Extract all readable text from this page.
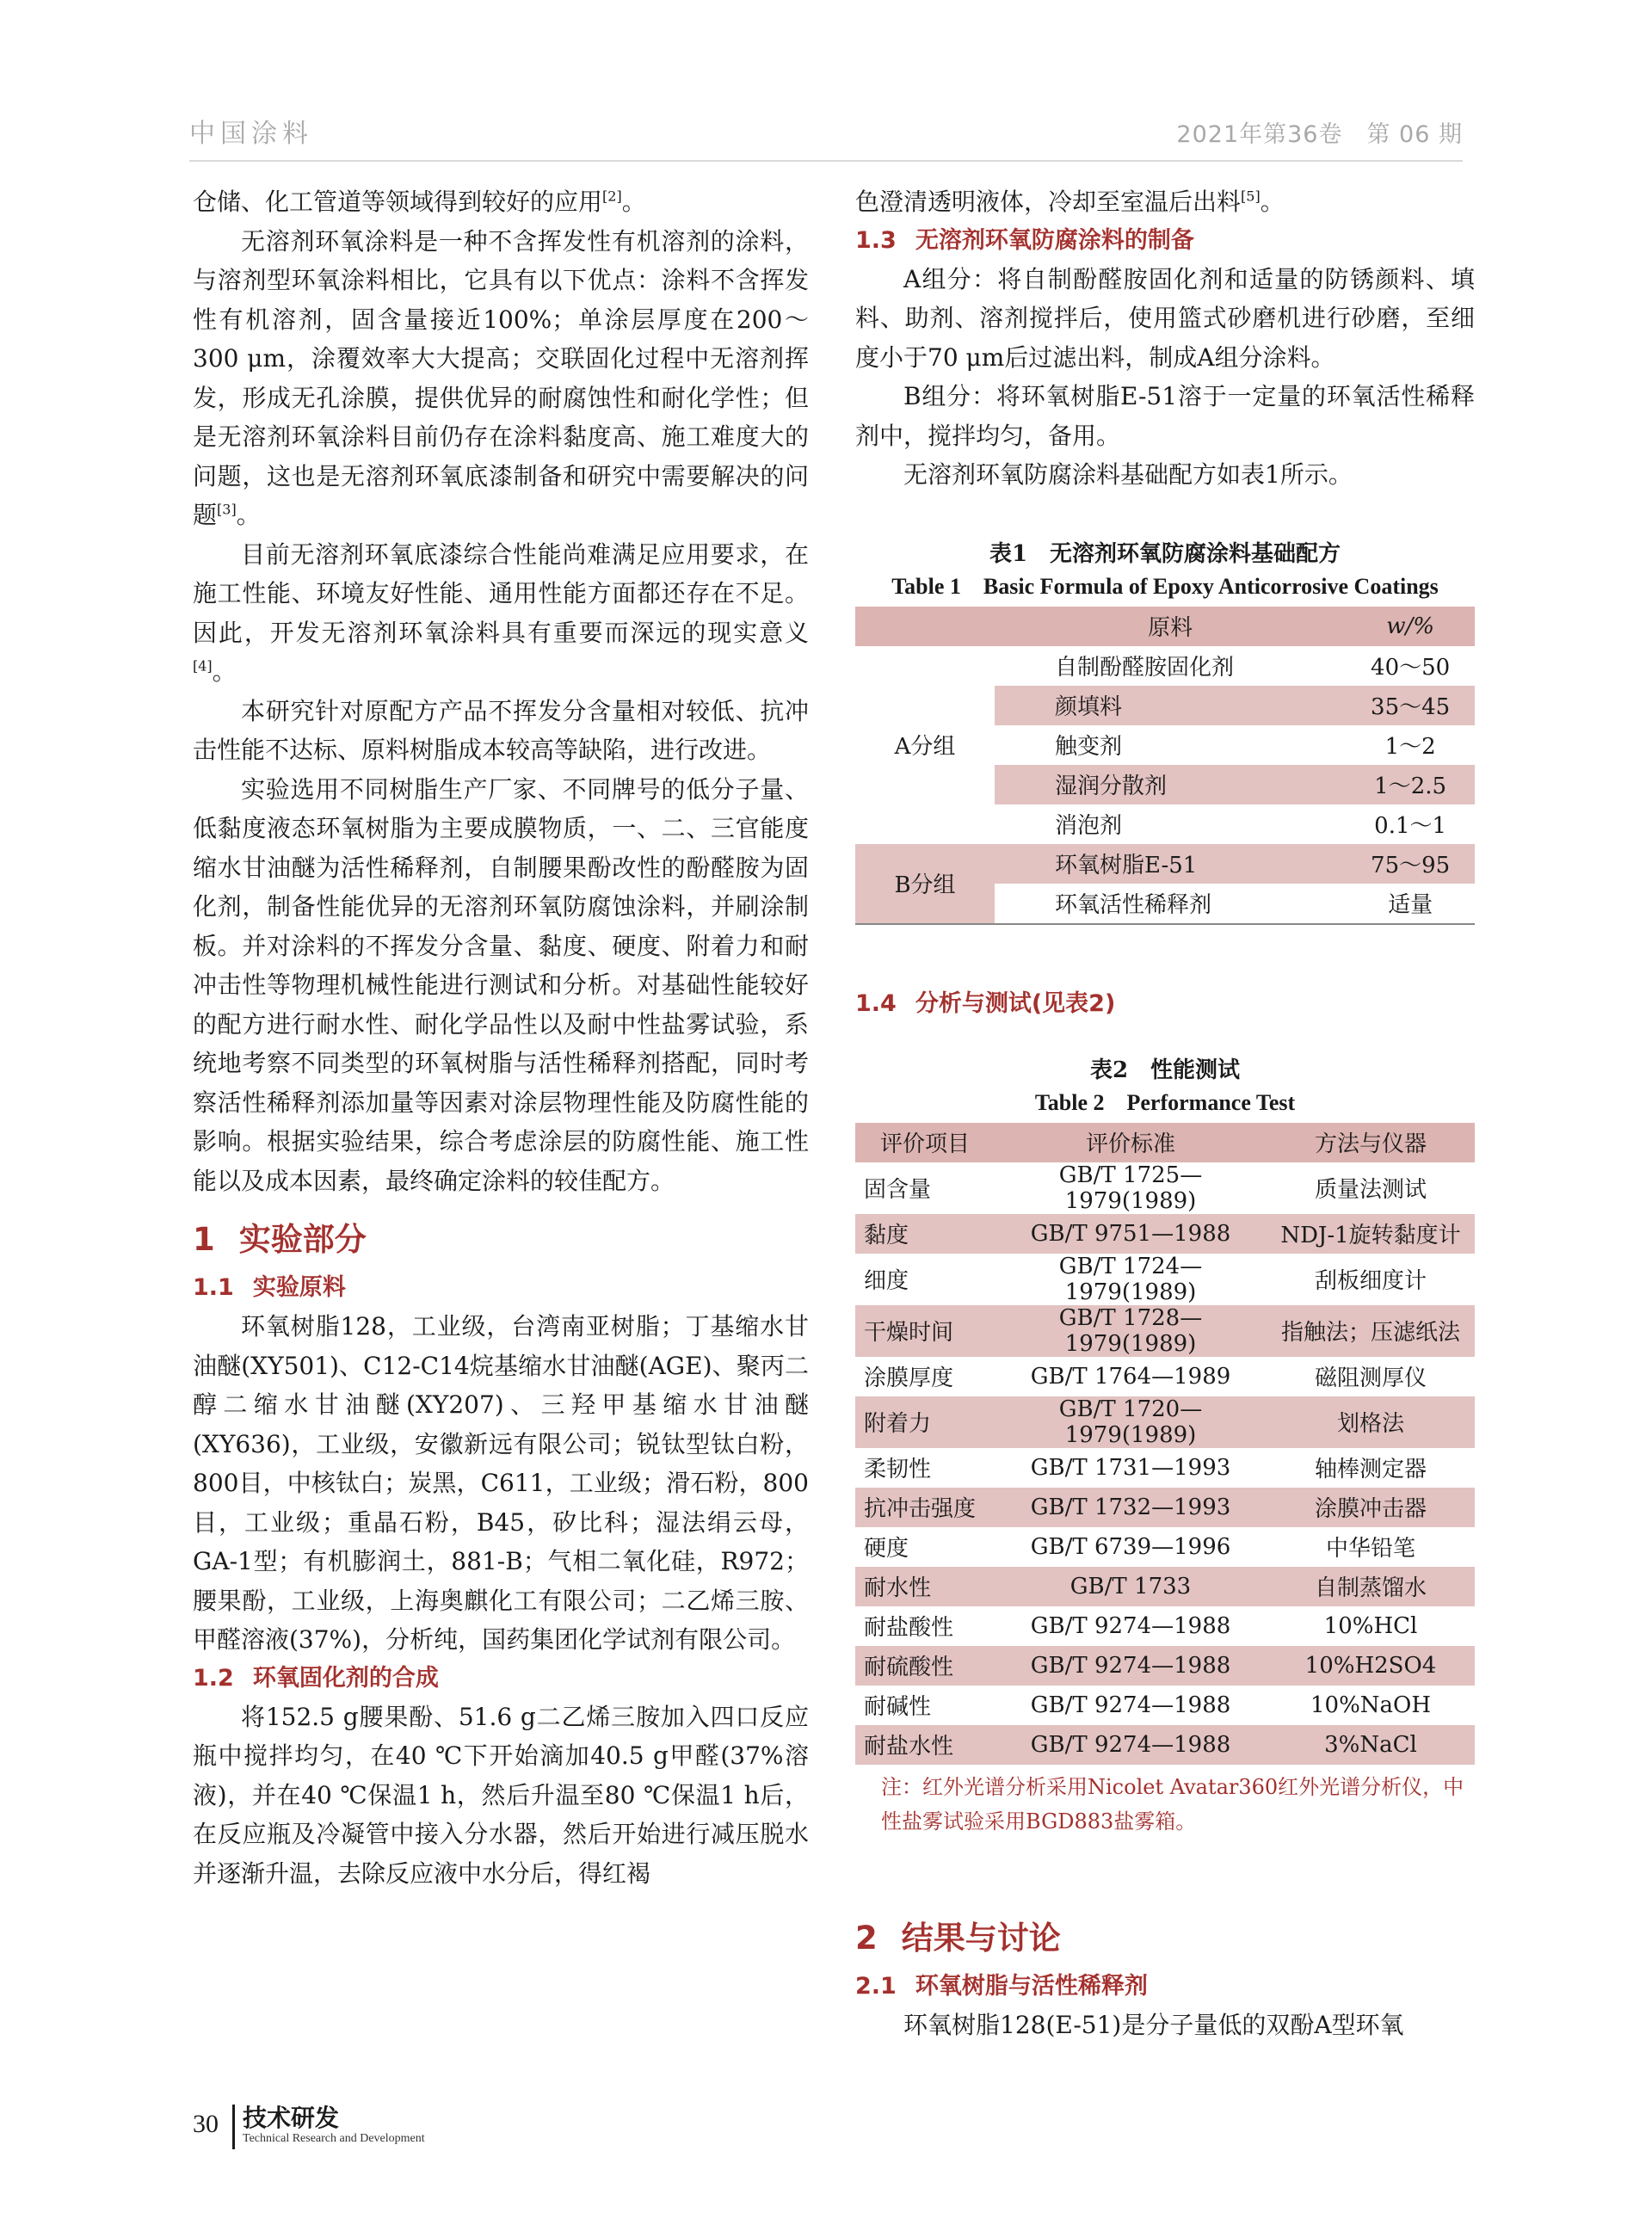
中国涂料	2021年第36卷　第 06 期

仓储、化工管道等领域得到较好的应用[2]。

无溶剂环氧涂料是一种不含挥发性有机溶剂的涂料，与溶剂型环氧涂料相比，它具有以下优点：涂料不含挥发性有机溶剂，固含量接近100%；单涂层厚度在200～300 μm，涂覆效率大大提高；交联固化过程中无溶剂挥发，形成无孔涂膜，提供优异的耐腐蚀性和耐化学性；但是无溶剂环氧涂料目前仍存在涂料黏度高、施工难度大的问题，这也是无溶剂环氧底漆制备和研究中需要解决的问题[3]。

目前无溶剂环氧底漆综合性能尚难满足应用要求，在施工性能、环境友好性能、通用性能方面都还存在不足。因此，开发无溶剂环氧涂料具有重要而深远的现实意义[4]。

本研究针对原配方产品不挥发分含量相对较低、抗冲击性能不达标、原料树脂成本较高等缺陷，进行改进。

实验选用不同树脂生产厂家、不同牌号的低分子量、低黏度液态环氧树脂为主要成膜物质，一、二、三官能度缩水甘油醚为活性稀释剂，自制腰果酚改性的酚醛胺为固化剂，制备性能优异的无溶剂环氧防腐蚀涂料，并刷涂制板。并对涂料的不挥发分含量、黏度、硬度、附着力和耐冲击性等物理机械性能进行测试和分析。对基础性能较好的配方进行耐水性、耐化学品性以及耐中性盐雾试验，系统地考察不同类型的环氧树脂与活性稀释剂搭配，同时考察活性稀释剂添加量等因素对涂层物理性能及防腐性能的影响。根据实验结果，综合考虑涂层的防腐性能、施工性能以及成本因素，最终确定涂料的较佳配方。

1 实验部分
1.1 实验原料

环氧树脂128，工业级，台湾南亚树脂；丁基缩水甘油醚(XY501)、C12-C14烷基缩水甘油醚(AGE)、聚丙二醇二缩水甘油醚(XY207)、三羟甲基缩水甘油醚(XY636)，工业级，安徽新远有限公司；锐钛型钛白粉，800目，中核钛白；炭黑，C611，工业级；滑石粉，800目，工业级；重晶石粉，B45，矽比科；湿法绢云母，GA-1型；有机膨润土，881-B；气相二氧化硅，R972；腰果酚，工业级，上海奥麒化工有限公司；二乙烯三胺、甲醛溶液(37%)，分析纯，国药集团化学试剂有限公司。

1.2 环氧固化剂的合成

将152.5 g腰果酚、51.6 g二乙烯三胺加入四口反应瓶中搅拌均匀，在40 ℃下开始滴加40.5 g甲醛(37%溶液)，并在40 ℃保温1 h，然后升温至80 ℃保温1 h后，在反应瓶及冷凝管中接入分水器，然后开始进行减压脱水并逐渐升温，去除反应液中水分后，得红褐

色澄清透明液体，冷却至室温后出料[5]。

1.3 无溶剂环氧防腐涂料的制备

A组分：将自制酚醛胺固化剂和适量的防锈颜料、填料、助剂、溶剂搅拌后，使用篮式砂磨机进行砂磨，至细度小于70 μm后过滤出料，制成A组分涂料。

B组分：将环氧树脂E-51溶于一定量的环氧活性稀释剂中，搅拌均匀，备用。

无溶剂环氧防腐涂料基础配方如表1所示。

表1　无溶剂环氧防腐涂料基础配方
Table 1　Basic Formula of Epoxy Anticorrosive Coatings
	原料	w/%
A分组	自制酚醛胺固化剂	40～50
	颜填料	35～45
	触变剂	1～2
	湿润分散剂	1～2.5
	消泡剂	0.1～1
B分组	环氧树脂E-51	75～95
	环氧活性稀释剂	适量
1.4 分析与测试(见表2)
表2　性能测试
Table 2　Performance Test
评价项目	评价标准	方法与仪器
固含量	GB/T 1725—1979(1989)	质量法测试
黏度	GB/T 9751—1988	NDJ-1旋转黏度计
细度	GB/T 1724—1979(1989)	刮板细度计
干燥时间	GB/T 1728—1979(1989)	指触法；压滤纸法
涂膜厚度	GB/T 1764—1989	磁阻测厚仪
附着力	GB/T 1720—1979(1989)	划格法
柔韧性	GB/T 1731—1993	轴棒测定器
抗冲击强度	GB/T 1732—1993	涂膜冲击器
硬度	GB/T 6739—1996	中华铅笔
耐水性	GB/T 1733	自制蒸馏水
耐盐酸性	GB/T 9274—1988	10%HCl
耐硫酸性	GB/T 9274—1988	10%H2SO4
耐碱性	GB/T 9274—1988	10%NaOH
耐盐水性	GB/T 9274—1988	3%NaCl
注：红外光谱分析采用Nicolet Avatar360红外光谱分析仪，中性盐雾试验采用BGD883盐雾箱。
2 结果与讨论
2.1 环氧树脂与活性稀释剂

环氧树脂128(E-51)是分子量低的双酚A型环氧

30 技术研发
Technical Research and Development
